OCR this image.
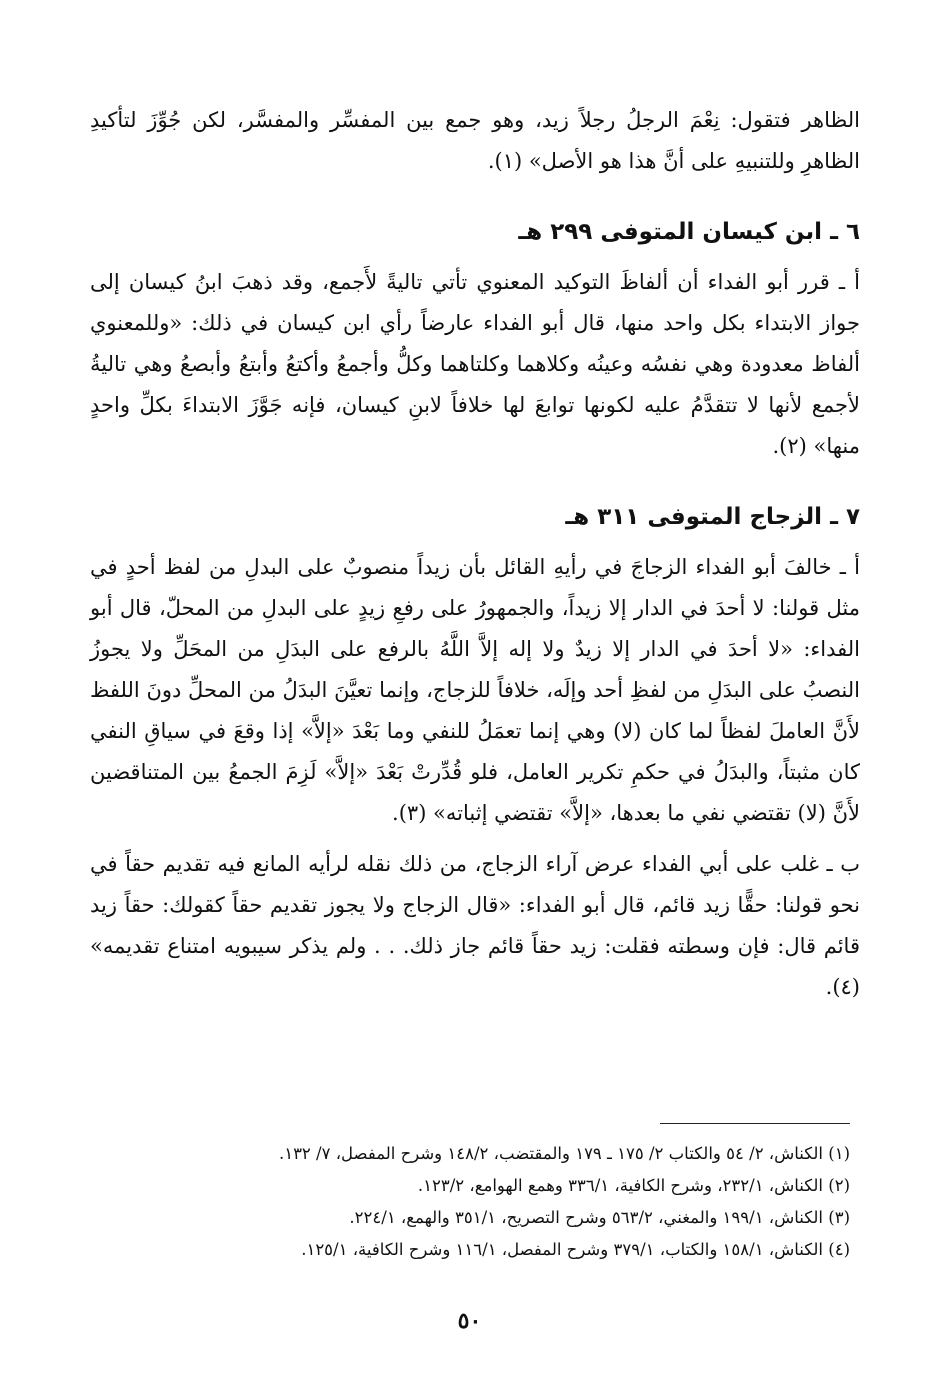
الظاهر فتقول: نِعْمَ الرجلُ رجلاً زيد، وهو جمع بين المفسِّر والمفسَّر، لكن جُوِّزَ لتأكيدِ الظاهرِ وللتنبيهِ على أنَّ هذا هو الأصل» (١).

٦ ـ ابن كيسان المتوفى ٢٩٩ هـ

أ ـ قرر أبو الفداء أن ألفاظَ التوكيد المعنوي تأتي تاليةً لأَجمع، وقد ذهبَ ابنُ كيسان إلى جواز الابتداء بكل واحد منها، قال أبو الفداء عارضاً رأي ابن كيسان في ذلك: «وللمعنوي ألفاظ معدودة وهي نفسُه وعينُه وكلاهما وكلتاهما وكلُّ وأجمعُ وأكتعُ وأبتعُ وأبصعُ وهي تاليةُ لأجمع لأنها لا تتقدَّمُ عليه لكونها توابعَ لها خلافاً لابنِ كيسان، فإنه جَوَّزَ الابتداءَ بكلِّ واحدٍ منها» (٢).

٧ ـ الزجاج المتوفى ٣١١ هـ

أ ـ خالفَ أبو الفداء الزجاجَ في رأيهِ القائل بأن زيداً منصوبٌ على البدلِ من لفظ أحدٍ في مثل قولنا: لا أحدَ في الدار إلا زيداً، والجمهورُ على رفعِ زيدٍ على البدلِ من المحلّ، قال أبو الفداء: «لا أحدَ في الدار إلا زيدٌ ولا إله إلاَّ اللَّهُ بالرفع على البدَلِ من المحَلِّ ولا يجوزُ النصبُ على البدَلِ من لفظِ أحد وإلَه، خلافاً للزجاج، وإنما تعيَّنَ البدَلُ من المحلِّ دونَ اللفظ لأَنَّ العاملَ لفظاً لما كان (لا) وهي إنما تعمَلُ للنفي وما بَعْدَ «إلاَّ» إذا وقعَ في سياقِ النفي كان مثبتاً، والبدَلُ في حكمِ تكرير العامل، فلو قُدِّرتْ بَعْدَ «إلاَّ» لَزِمَ الجمعُ بين المتناقضين لأَنَّ (لا) تقتضي نفي ما بعدها، «إلاَّ» تقتضي إثباته» (٣).

ب ـ غلب على أبي الفداء عرض آراء الزجاج، من ذلك نقله لرأيه المانع فيه تقديم حقاً في نحو قولنا: حقًّا زيد قائم، قال أبو الفداء: «قال الزجاج ولا يجوز تقديم حقاً كقولك: حقاً زيد قائم قال: فإن وسطته فقلت: زيد حقاً قائم جاز ذلك. . . ولم يذكر سيبويه امتناع تقديمه» (٤).

(١) الكناش، ٢/ ٥٤ والكتاب ٢/ ١٧٥ ـ ١٧٩ والمقتضب، ١٤٨/٢ وشرح المفصل، ٧/ ١٣٢.

(٢) الكناش، ٢٣٢/١، وشرح الكافية، ٣٣٦/١ وهمع الهوامع، ١٢٣/٢.

(٣) الكناش، ١٩٩/١ والمغني، ٥٦٣/٢ وشرح التصريح، ٣٥١/١ والهمع، ٢٢٤/١.

(٤) الكناش، ١٥٨/١ والكتاب، ٣٧٩/١ وشرح المفصل، ١١٦/١ وشرح الكافية، ١٢٥/١.

٥٠
